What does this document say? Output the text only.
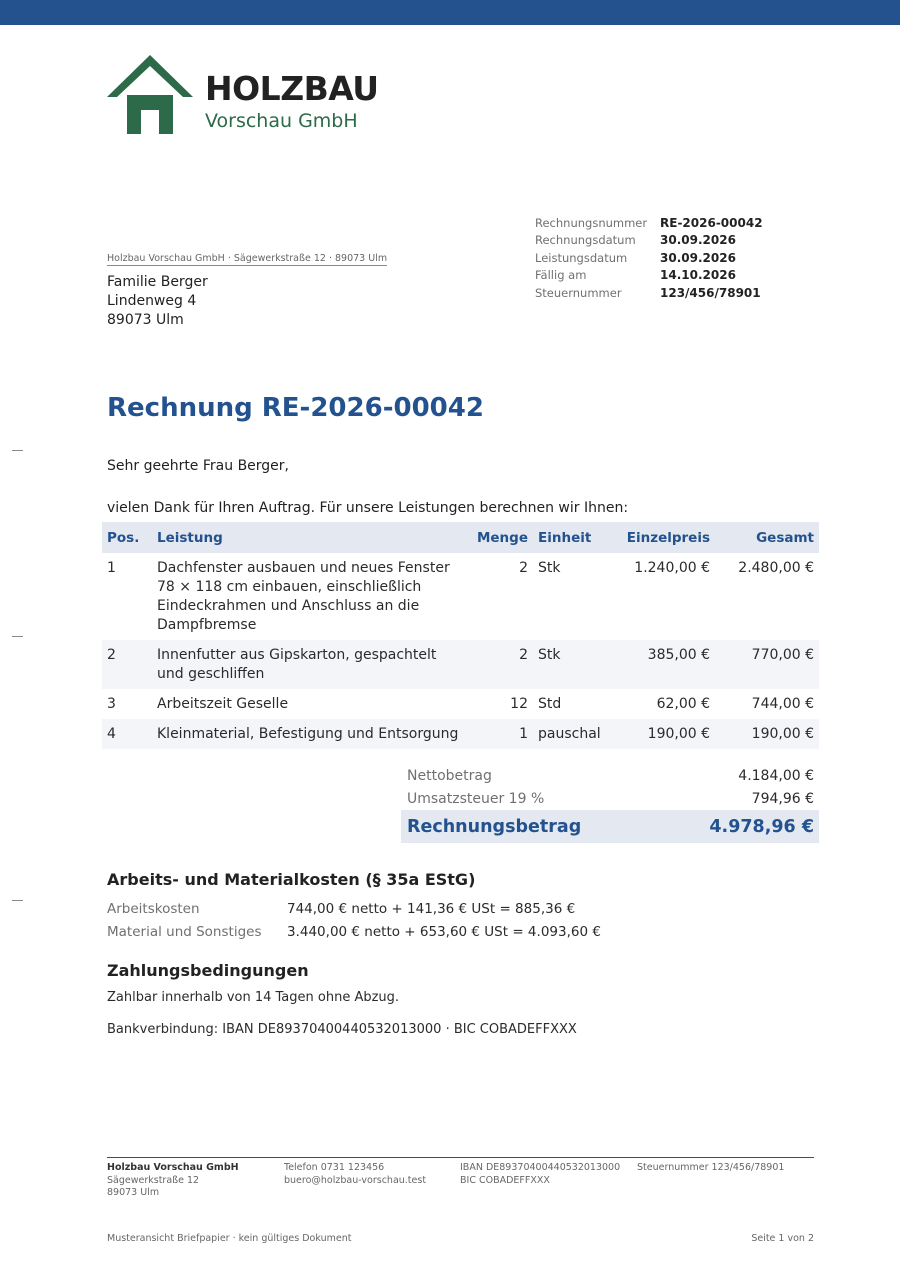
HOLZBAU
Vorschau GmbH
Rechnungsnummer	RE-2026-00042
Rechnungsdatum	30.09.2026
Leistungsdatum	30.09.2026
Fällig am	14.10.2026
Steuernummer	123/456/78901
Holzbau Vorschau GmbH · Sägewerkstraße 12 · 89073 Ulm
Familie Berger
Lindenweg 4
89073 Ulm
Rechnung RE-2026-00042
Sehr geehrte Frau Berger,
vielen Dank für Ihren Auftrag. Für unsere Leistungen berechnen wir Ihnen:
Pos.	Leistung	Menge	Einheit	Einzelpreis	Gesamt
1	Dachfenster ausbauen und neues Fenster 78 × 118 cm einbauen, einschließlich Eindeckrahmen und Anschluss an die Dampfbremse	2	Stk	1.240,00 €	2.480,00 €
2	Innenfutter aus Gipskarton, gespachtelt und geschliffen	2	Stk	385,00 €	770,00 €
3	Arbeitszeit Geselle	12	Std	62,00 €	744,00 €
4	Kleinmaterial, Befestigung und Entsorgung	1	pauschal	190,00 €	190,00 €
Nettobetrag	4.184,00 €
Umsatzsteuer 19 %	794,96 €
Rechnungsbetrag	4.978,96 €
Arbeits- und Materialkosten (§ 35a EStG)
Arbeitskosten	744,00 € netto + 141,36 € USt = 885,36 €
Material und Sonstiges	3.440,00 € netto + 653,60 € USt = 4.093,60 €
Zahlungsbedingungen
Zahlbar innerhalb von 14 Tagen ohne Abzug.
Bankverbindung: IBAN DE89370400440532013000 · BIC COBADEFFXXX
Holzbau Vorschau GmbH
Sägewerkstraße 12
89073 Ulm
Telefon 0731 123456
buero@holzbau-vorschau.test
IBAN DE89370400440532013000
BIC COBADEFFXXX
Steuernummer 123/456/78901
Musteransicht Briefpapier · kein gültiges Dokument	Seite 1 von 2
